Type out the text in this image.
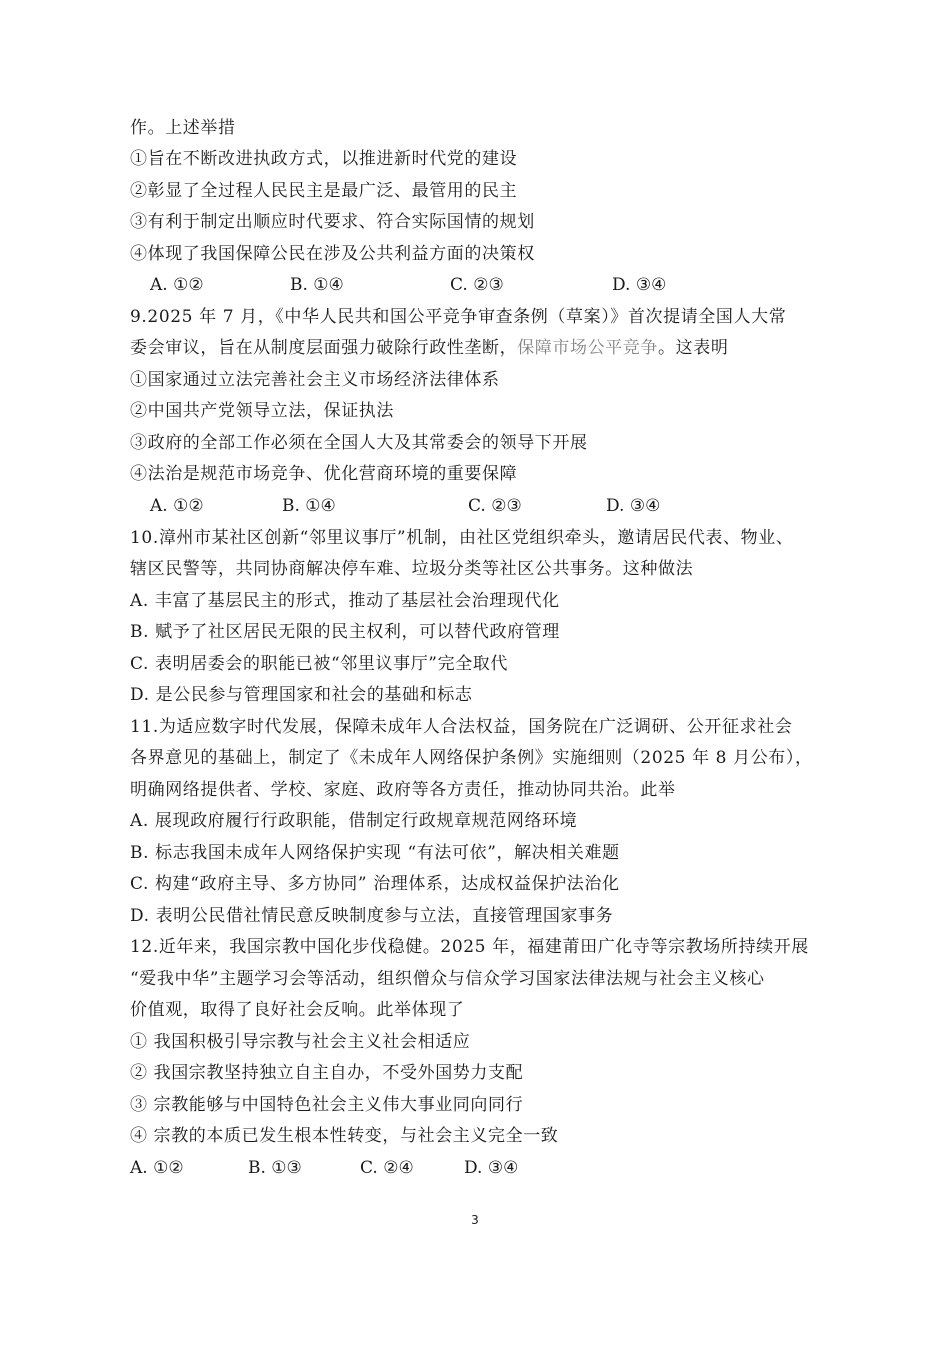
作。上述举措
①旨在不断改进执政方式，以推进新时代党的建设
②彰显了全过程人民民主是最广泛、最管用的民主
③有利于制定出顺应时代要求、符合实际国情的规划
④体现了我国保障公民在涉及公共利益方面的决策权
A. ①②	B. ①④	C. ②③	D. ③④
9.2025 年 7 月，《中华人民共和国公平竞争审查条例（草案）》首次提请全国人大常
委会审议，旨在从制度层面强力破除行政性垄断，保障市场公平竞争。这表明
①国家通过立法完善社会主义市场经济法律体系
②中国共产党领导立法，保证执法
③政府的全部工作必须在全国人大及其常委会的领导下开展
④法治是规范市场竞争、优化营商环境的重要保障
A. ①②	B. ①④	C. ②③	D. ③④
10.漳州市某社区创新“邻里议事厅”机制，由社区党组织牵头，邀请居民代表、物业、
辖区民警等，共同协商解决停车难、垃圾分类等社区公共事务。这种做法
A. 丰富了基层民主的形式，推动了基层社会治理现代化
B. 赋予了社区居民无限的民主权利，可以替代政府管理
C. 表明居委会的职能已被“邻里议事厅”完全取代
D. 是公民参与管理国家和社会的基础和标志
11.为适应数字时代发展，保障未成年人合法权益，国务院在广泛调研、公开征求社会
各界意见的基础上，制定了《未成年人网络保护条例》实施细则（2025 年 8 月公布），
明确网络提供者、学校、家庭、政府等各方责任，推动协同共治。此举
A. 展现政府履行行政职能，借制定行政规章规范网络环境
B. 标志我国未成年人网络保护实现 “有法可依”，解决相关难题
C. 构建“政府主导、多方协同” 治理体系，达成权益保护法治化
D. 表明公民借社情民意反映制度参与立法，直接管理国家事务
12.近年来，我国宗教中国化步伐稳健。2025 年，福建莆田广化寺等宗教场所持续开展
“爱我中华”主题学习会等活动，组织僧众与信众学习国家法律法规与社会主义核心
价值观，取得了良好社会反响。此举体现了
① 我国积极引导宗教与社会主义社会相适应
② 我国宗教坚持独立自主自办，不受外国势力支配
③ 宗教能够与中国特色社会主义伟大事业同向同行
④ 宗教的本质已发生根本性转变，与社会主义完全一致
A. ①②	B. ①③	C. ②④	D. ③④
3
